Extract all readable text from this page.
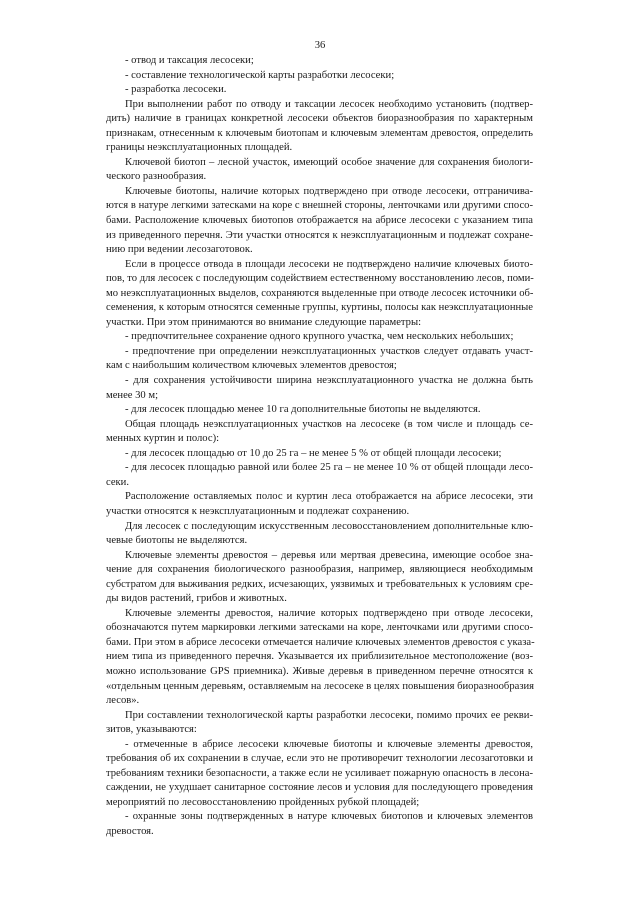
36
- отвод и таксация лесосеки;
- составление технологической карты разработки лесосеки;
- разработка лесосеки.
При выполнении работ по отводу и таксации лесосек необходимо установить (подтвер-
дить) наличие в границах конкретной лесосеки объектов биоразнообразия по характерным
признакам, отнесенным к ключевым биотопам и ключевым элементам древостоя, определить
границы неэксплуатационных площадей.
Ключевой биотоп – лесной участок, имеющий особое значение для сохранения биологи-
ческого разнообразия.
Ключевые биотопы, наличие которых подтверждено при отводе лесосеки, отграничива-
ются в натуре легкими затесками на коре с внешней стороны, ленточками или другими спосо-
бами. Расположение ключевых биотопов отображается на абрисе лесосеки с указанием типа
из приведенного перечня. Эти участки относятся к неэксплуатационным и подлежат сохране-
нию при ведении лесозаготовок.
Если в процессе отвода в площади лесосеки не подтверждено наличие ключевых биото-
пов, то для лесосек с последующим содействием естественному восстановлению лесов, поми-
мо неэксплуатационных выделов, сохраняются выделенные при отводе лесосек источники об-
семенения, к которым относятся семенные группы, куртины, полосы как неэксплуатационные
участки. При этом принимаются во внимание следующие параметры:
- предпочтительнее сохранение одного крупного участка, чем нескольких небольших;
- предпочтение при определении неэксплуатационных участков следует отдавать участ-
кам с наибольшим количеством ключевых элементов древостоя;
- для сохранения устойчивости ширина неэксплуатационного участка не должна быть
менее 30 м;
- для лесосек площадью менее 10 га дополнительные биотопы не выделяются.
Общая площадь неэксплуатационных участков на лесосеке (в том числе и площадь се-
менных куртин и полос):
- для лесосек площадью от 10 до 25 га – не менее 5 % от общей площади лесосеки;
- для лесосек площадью равной или более 25 га – не менее 10 % от общей площади лесо-
секи.
Расположение оставляемых полос и куртин леса отображается на абрисе лесосеки, эти
участки относятся к неэксплуатационным и подлежат сохранению.
Для лесосек с последующим искусственным лесовосстановлением дополнительные клю-
чевые биотопы не выделяются.
Ключевые элементы древостоя – деревья или мертвая древесина, имеющие особое зна-
чение для сохранения биологического разнообразия, например, являющиеся необходимым
субстратом для выживания редких, исчезающих, уязвимых и требовательных к условиям сре-
ды видов растений, грибов и животных.
Ключевые элементы древостоя, наличие которых подтверждено при отводе лесосеки,
обозначаются путем маркировки легкими затесками на коре, ленточками или другими спосо-
бами. При этом в абрисе лесосеки отмечается наличие ключевых элементов древостоя с указа-
нием типа из приведенного перечня. Указывается их приблизительное местоположение (воз-
можно использование GPS приемника). Живые деревья в приведенном перечне относятся к
«отдельным ценным деревьям, оставляемым на лесосеке в целях повышения биоразнообразия
лесов».
При составлении технологической карты разработки лесосеки, помимо прочих ее рекви-
зитов, указываются:
- отмеченные в абрисе лесосеки ключевые биотопы и ключевые элементы древостоя,
требования об их сохранении в случае, если это не противоречит технологии лесозаготовки и
требованиям техники безопасности, а также если не усиливает пожарную опасность в лесона-
саждении, не ухудшает санитарное состояние лесов и условия для последующего проведения
мероприятий по лесовосстановлению пройденных рубкой площадей;
- охранные зоны подтвержденных в натуре ключевых биотопов и ключевых элементов
древостоя.
